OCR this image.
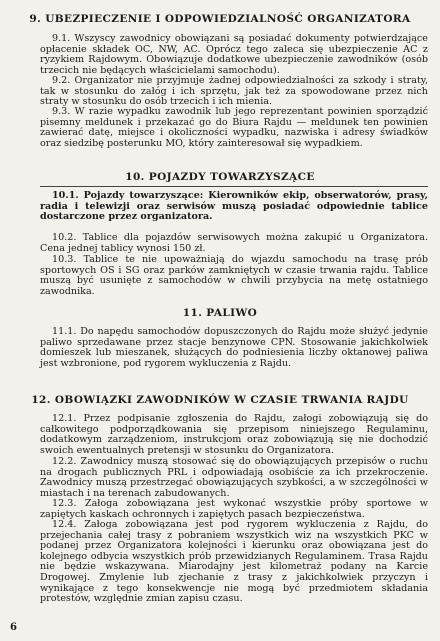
9. UBEZPIECZENIE I ODPOWIEDZIALNOŚĆ ORGANIZATORA

9.1. Wszyscy zawodnicy obowiązani są posiadać dokumenty potwierdzające opłacenie składek OC, NW, AC. Oprócz tego zaleca się ubezpieczenie AC z ryzykiem Rajdowym. Obowiązuje dodatkowe ubezpieczenie zawodników (osób trzecich nie będących właścicielami samochodu).

9.2. Organizator nie przyjmuje żadnej odpowiedzialności za szkody i straty, tak w stosunku do załóg i ich sprzętu, jak też za spowodowane przez nich straty w stosunku do osób trzecich i ich mienia.

9.3. W razie wypadku zawodnik lub jego reprezentant powinien sporządzić pisemny meldunek i przekazać go do Biura Rajdu — meldunek ten powinien zawierać datę, miejsce i okoliczności wypadku, nazwiska i adresy świadków oraz siedzibę posterunku MO, który zainteresował się wypadkiem.

10. POJAZDY TOWARZYSZĄCE

10.1. Pojazdy towarzyszące: Kierowników ekip, obserwatorów, prasy, radia i telewizji oraz serwisów muszą posiadać odpowiednie tablice dostarczone przez organizatora.

10.2. Tablice dla pojazdów serwisowych można zakupić u Organizatora. Cena jednej tablicy wynosi 150 zł.

10.3. Tablice te nie upoważniają do wjazdu samochodu na trasę prób sportowych OS i SG oraz parków zamkniętych w czasie trwania rajdu. Tablice muszą być usunięte z samochodów w chwili przybycia na metę ostatniego zawodnika.

11. PALIWO

11.1. Do napędu samochodów dopuszczonych do Rajdu może służyć jedynie paliwo sprzedawane przez stacje benzynowe CPN. Stosowanie jakichkolwiek domieszek lub mieszanek, służących do podniesienia liczby oktanowej paliwa jest wzbronione, pod rygorem wykluczenia z Rajdu.

12. OBOWIĄZKI ZAWODNIKÓW W CZASIE TRWANIA RAJDU

12.1. Przez podpisanie zgłoszenia do Rajdu, załogi zobowiązują się do całkowitego podporządkowania się przepisom niniejszego Regulaminu, dodatkowym zarządzeniom, instrukcjom oraz zobowiązują się nie dochodzić swoich ewentualnych pretensji w stosunku do Organizatora.

12.2. Zawodnicy muszą stosować się do obowiązujących przepisów o ruchu na drogach publicznych PRL i odpowiadają osobiście za ich przekroczenie. Zawodnicy muszą przestrzegać obowiązujących szybkości, a w szczególności w miastach i na terenach zabudowanych.

12.3. Załoga zobowiązana jest wykonać wszystkie próby sportowe w zapiętych kaskach ochronnych i zapiętych pasach bezpieczeństwa.

12.4. Załoga zobowiązana jest pod rygorem wykluczenia z Rajdu, do przejechania całej trasy z pobraniem wszystkich wiz na wszystkich PKC w podanej przez Organizatora kolejności i kierunku oraz obowiązana jest do kolejnego odbycia wszystkich prób przewidzianych Regulaminem. Trasa Rajdu nie będzie wskazywana. Miarodajny jest kilometraż podany na Karcie Drogowej. Zmylenie lub zjechanie z trasy z jakichkolwiek przyczyn i wynikające z tego konsekwencje nie mogą być przedmiotem składania protestów, względnie zmian zapisu czasu.

6
